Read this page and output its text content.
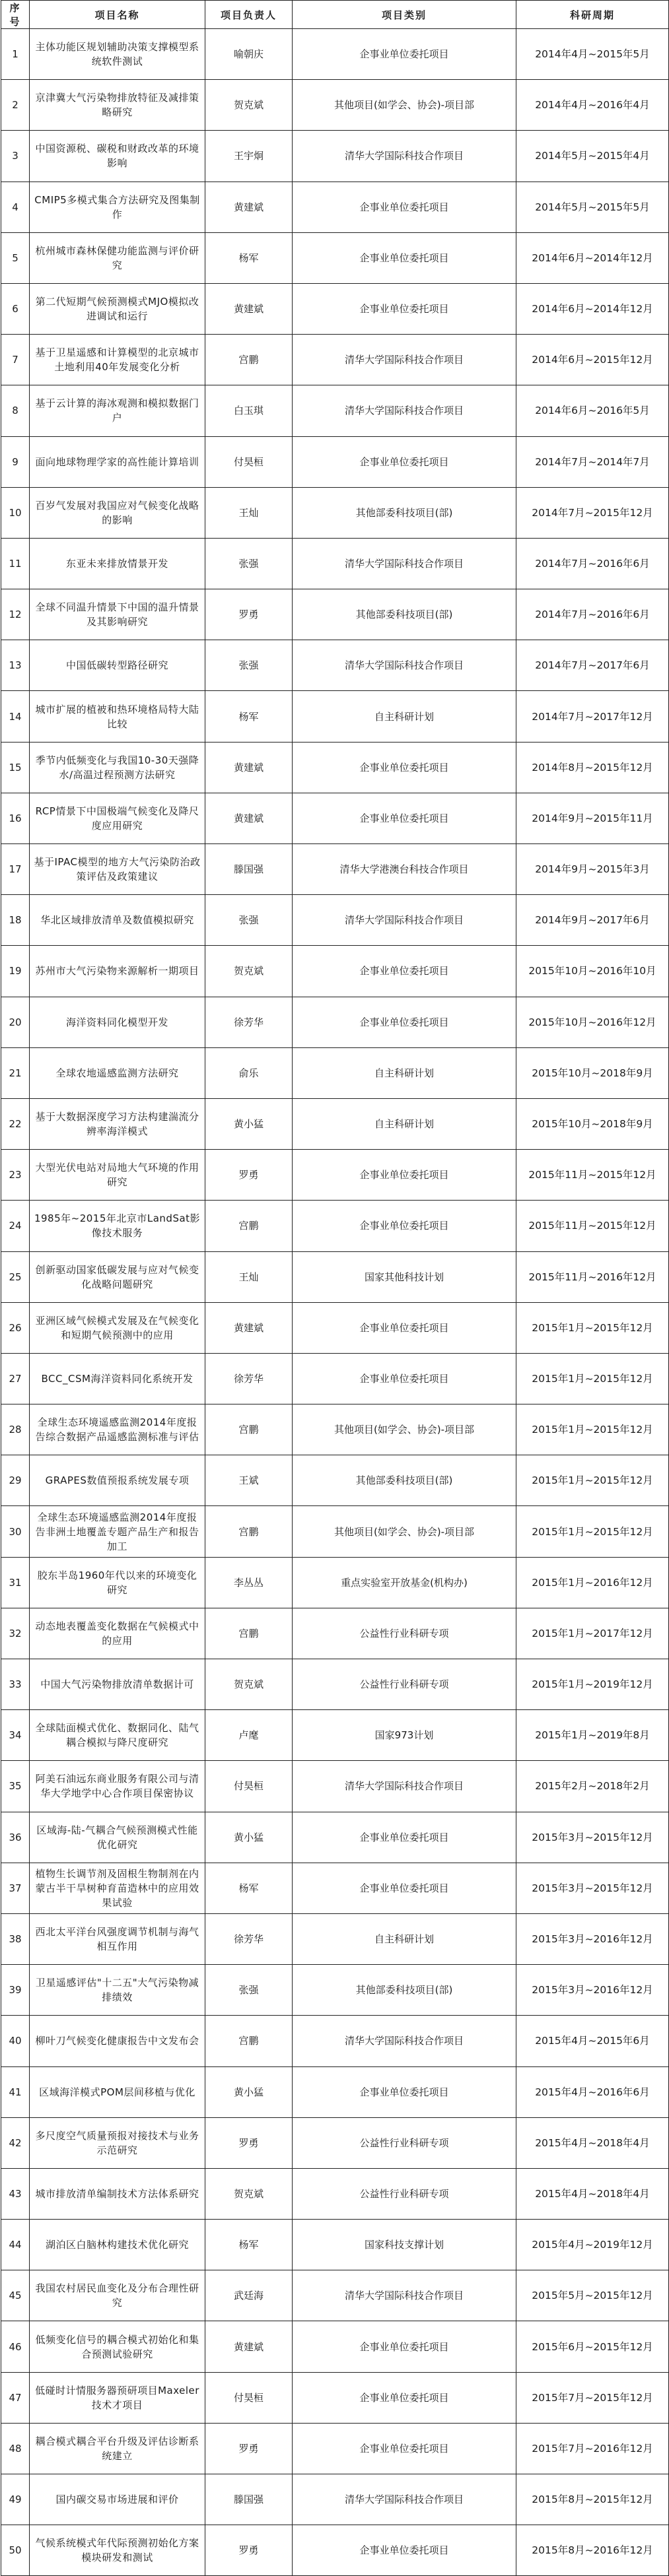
序号	项目名称	项目负责人	项目类别	科研周期
1	主体功能区规划辅助决策支撑模型系统软件测试	喻朝庆	企事业单位委托项目	2014年4月~2015年5月
2	京津冀大气污染物排放特征及减排策略研究	贺克斌	其他项目(如学会、协会)-项目部	2014年4月~2016年4月
3	中国资源税、碳税和财政改革的环境影响	王宇炯	清华大学国际科技合作项目	2014年5月~2015年4月
4	CMIP5多模式集合方法研究及图集制作	黄建斌	企事业单位委托项目	2014年5月~2015年5月
5	杭州城市森林保健功能监测与评价研究	杨军	企事业单位委托项目	2014年6月~2014年12月
6	第二代短期气候预测模式MJO模拟改进调试和运行	黄建斌	企事业单位委托项目	2014年6月~2014年12月
7	基于卫星遥感和计算模型的北京城市土地利用40年发展变化分析	宫鹏	清华大学国际科技合作项目	2014年6月~2015年12月
8	基于云计算的海冰观测和模拟数据门户	白玉琪	清华大学国际科技合作项目	2014年6月~2016年5月
9	面向地球物理学家的高性能计算培训	付昊桓	企事业单位委托项目	2014年7月~2014年7月
10	百岁气发展对我国应对气候变化战略的影响	王灿	其他部委科技项目(部)	2014年7月~2015年12月
11	东亚未来排放情景开发	张强	清华大学国际科技合作项目	2014年7月~2016年6月
12	全球不同温升情景下中国的温升情景及其影响研究	罗勇	其他部委科技项目(部)	2014年7月~2016年6月
13	中国低碳转型路径研究	张强	清华大学国际科技合作项目	2014年7月~2017年6月
14	城市扩展的植被和热环境格局特大陆比较	杨军	自主科研计划	2014年7月~2017年12月
15	季节内低频变化与我国10-30天强降水/高温过程预测方法研究	黄建斌	企事业单位委托项目	2014年8月~2015年12月
16	RCP情景下中国极端气候变化及降尺度应用研究	黄建斌	企事业单位委托项目	2014年9月~2015年11月
17	基于IPAC模型的地方大气污染防治政策评估及政策建议	滕国强	清华大学港澳台科技合作项目	2014年9月~2015年3月
18	华北区域排放清单及数值模拟研究	张强	清华大学国际科技合作项目	2014年9月~2017年6月
19	苏州市大气污染物来源解析一期项目	贺克斌	企事业单位委托项目	2015年10月~2016年10月
20	海洋资料同化模型开发	徐芳华	企事业单位委托项目	2015年10月~2016年12月
21	全球农地遥感监测方法研究	俞乐	自主科研计划	2015年10月~2018年9月
22	基于大数据深度学习方法构建湍流分辨率海洋模式	黄小猛	自主科研计划	2015年10月~2018年9月
23	大型光伏电站对局地大气环境的作用研究	罗勇	企事业单位委托项目	2015年11月~2015年12月
24	1985年~2015年北京市LandSat影像技术服务	宫鹏	企事业单位委托项目	2015年11月~2015年12月
25	创新驱动国家低碳发展与应对气候变化战略问题研究	王灿	国家其他科技计划	2015年11月~2016年12月
26	亚洲区域气候模式发展及在气候变化和短期气候预测中的应用	黄建斌	企事业单位委托项目	2015年1月~2015年12月
27	BCC_CSM海洋资料同化系统开发	徐芳华	企事业单位委托项目	2015年1月~2015年12月
28	全球生态环境遥感监测2014年度报告综合数据产品遥感监测标准与评估	宫鹏	其他项目(如学会、协会)-项目部	2015年1月~2015年12月
29	GRAPES数值预报系统发展专项	王斌	其他部委科技项目(部)	2015年1月~2015年12月
30	全球生态环境遥感监测2014年度报告非洲土地覆盖专题产品生产和报告加工	宫鹏	其他项目(如学会、协会)-项目部	2015年1月~2015年12月
31	胶东半岛1960年代以来的环境变化研究	李丛丛	重点实验室开放基金(机构办)	2015年1月~2016年12月
32	动态地表覆盖变化数据在气候模式中的应用	宫鹏	公益性行业科研专项	2015年1月~2017年12月
33	中国大气污染物排放清单数据计可	贺克斌	公益性行业科研专项	2015年1月~2019年12月
34	全球陆面模式优化、数据同化、陆气耦合模拟与降尺度研究	卢麾	国家973计划	2015年1月~2019年8月
35	阿美石油远东商业服务有限公司与清华大学地学中心合作项目保密协议	付昊桓	清华大学国际科技合作项目	2015年2月~2018年2月
36	区域海-陆-气耦合气候预测模式性能优化研究	黄小猛	企事业单位委托项目	2015年3月~2015年12月
37	植物生长调节剂及固根生物制剂在内蒙古半干旱树种育苗造林中的应用效果试验	杨军	企事业单位委托项目	2015年3月~2015年12月
38	西北太平洋台风强度调节机制与海气相互作用	徐芳华	自主科研计划	2015年3月~2016年12月
39	卫星遥感评估"十二五"大气污染物减排绩效	张强	其他部委科技项目(部)	2015年3月~2016年12月
40	柳叶刀气候变化健康报告中文发布会	宫鹏	清华大学国际科技合作项目	2015年4月~2015年6月
41	区域海洋模式POM层间移植与优化	黄小猛	企事业单位委托项目	2015年4月~2016年6月
42	多尺度空气质量预报对接技术与业务示范研究	罗勇	公益性行业科研专项	2015年4月~2018年4月
43	城市排放清单编制技术方法体系研究	贺克斌	公益性行业科研专项	2015年4月~2018年4月
44	湖泊区白脑林构建技术优化研究	杨军	国家科技支撑计划	2015年4月~2019年12月
45	我国农村居民血变化及分布合理性研究	武廷海	清华大学国际科技合作项目	2015年5月~2015年12月
46	低频变化信号的耦合模式初始化和集合预测试验研究	黄建斌	企事业单位委托项目	2015年6月~2015年12月
47	低碰时计情服务器预研项目Maxeler技术才项目	付昊桓	企事业单位委托项目	2015年7月~2015年12月
48	耦合模式耦合平台升级及评估诊断系统建立	罗勇	企事业单位委托项目	2015年7月~2016年12月
49	国内碳交易市场进展和评价	滕国强	清华大学国际科技合作项目	2015年8月~2015年12月
50	气候系统模式年代际预测初始化方案模块研发和测试	罗勇	企事业单位委托项目	2015年8月~2016年12月
